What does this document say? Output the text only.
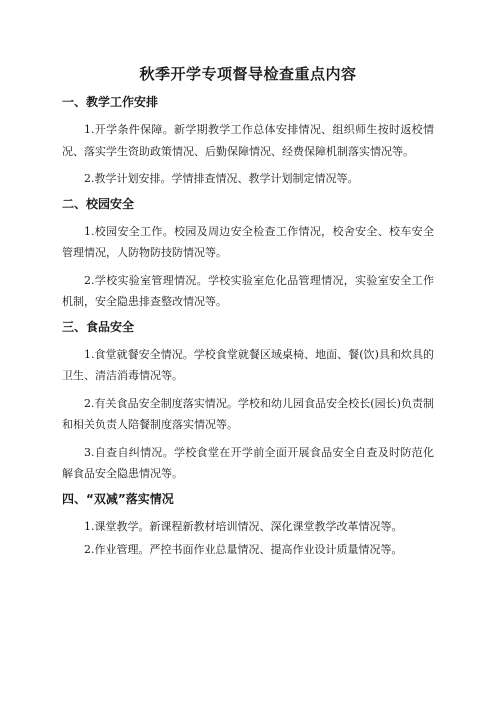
秋季开学专项督导检查重点内容
一、教学工作安排

1.开学条件保障。新学期教学工作总体安排情况、组织师生按时返校情况、落实学生资助政策情况、后勤保障情况、经费保障机制落实情况等。

2.教学计划安排。学情排查情况、教学计划制定情况等。

二、校园安全

1.校园安全工作。校园及周边安全检查工作情况，校舍安全、校车安全管理情况，人防物防技防情况等。

2.学校实验室管理情况。学校实验室危化品管理情况，实验室安全工作机制，安全隐患排查整改情况等。

三、食品安全

1.食堂就餐安全情况。学校食堂就餐区域桌椅、地面、餐(饮)具和炊具的卫生、清洁消毒情况等。

2.有关食品安全制度落实情况。学校和幼儿园食品安全校长(园长)负责制和相关负责人陪餐制度落实情况等。

3.自查自纠情况。学校食堂在开学前全面开展食品安全自查及时防范化解食品安全隐患情况等。

四、“双减”落实情况

1.课堂教学。新课程新教材培训情况、深化课堂教学改革情况等。

2.作业管理。严控书面作业总量情况、提高作业设计质量情况等。
